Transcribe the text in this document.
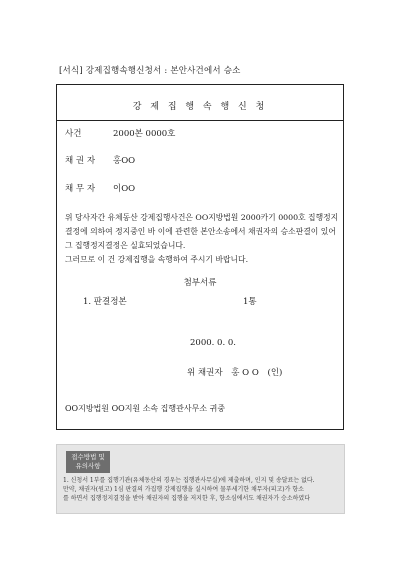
[서식] 강제집행속행신청서 : 본안사건에서 승소
강 제 집 행 속 행 신 청
사건	2000본 0000호
채 권 자 홍OO
채 무 자 이OO
위 당사자간 유체동산 강제집행사건은 OO지방법원 2000카기 0000호 집행정지
결정에 의하여 정지중인 바 이에 관련한 본안소송에서 채권자의 승소판결이 있어
그 집행정지결정은 실효되었습니다.
그러므로 이 건 강제집행을 속행하여 주시기 바랍니다.
첨부서류
1. 판결정본	1통
2000. 0. 0.
위 채권자 홍 O O (인)
OO지방법원 OO지원 소속 집행관사무소 귀중
접수방법 및
유의사항
1. 신청서 1부를 집행기관(유체동산의 경우는 집행관사무실)에 제출하며, 인지 및 송달료는 없다.
만약, 채권자(원고) 1심 판결의 가집행 강제집행을 실시하여 물푸세기한 채무자(피고)가 항소
를 하면서 집행정지결정을 받아 채권자의 집행을 저지한 후, 항소심에서도 채권자가 승소하였다
